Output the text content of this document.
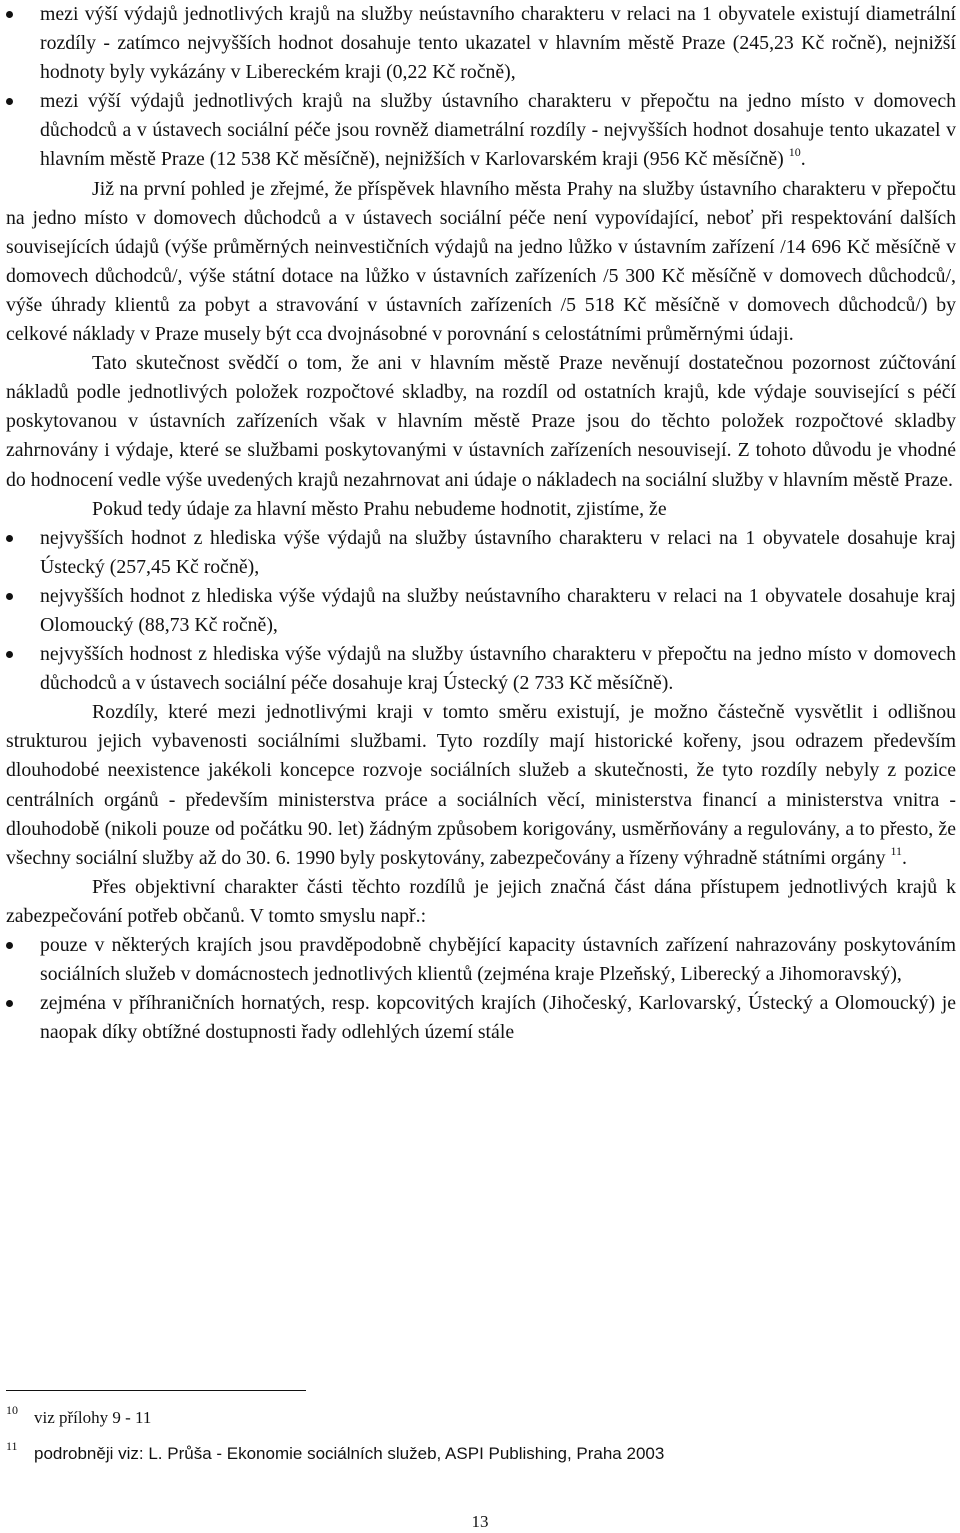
mezi výší výdajů jednotlivých krajů na služby neústavního charakteru v relaci na 1 obyvatele existují diametrální rozdíly - zatímco nejvyšších hodnot dosahuje tento ukazatel v hlavním městě Praze (245,23 Kč ročně), nejnižší hodnoty byly vykázány v Libereckém kraji (0,22 Kč ročně),
mezi výší výdajů jednotlivých krajů na služby ústavního charakteru v přepočtu na jedno místo v domovech důchodců a v ústavech sociální péče jsou rovněž diametrální rozdíly - nejvyšších hodnot dosahuje tento ukazatel v hlavním městě Praze (12 538 Kč měsíčně), nejnižších v Karlovarském kraji (956 Kč měsíčně) $^{10}$.

Již na první pohled je zřejmé, že příspěvek hlavního města Prahy na služby ústavního charakteru v přepočtu na jedno místo v domovech důchodců a v ústavech sociální péče není vypovídající, neboť při respektování dalších souvisejících údajů (výše průměrných neinvestičních výdajů na jedno lůžko v ústavním zařízení /14 696 Kč měsíčně v domovech důchodců/, výše státní dotace na lůžko v ústavních zařízeních /5 300 Kč měsíčně v domovech důchodců/, výše úhrady klientů za pobyt a stravování v ústavních zařízeních /5 518 Kč měsíčně v domovech důchodců/) by celkové náklady v Praze musely být cca dvojnásobné v porovnání s celostátními průměrnými údaji.

Tato skutečnost svědčí o tom, že ani v hlavním městě Praze nevěnují dostatečnou pozornost zúčtování nákladů podle jednotlivých položek rozpočtové skladby, na rozdíl od ostatních krajů, kde výdaje související s péčí poskytovanou v ústavních zařízeních však v hlavním městě Praze jsou do těchto položek rozpočtové skladby zahrnovány i výdaje, které se službami poskytovanými v ústavních zařízeních nesouvisejí. Z tohoto důvodu je vhodné do hodnocení vedle výše uvedených krajů nezahrnovat ani údaje o nákladech na sociální služby v hlavním městě Praze.

Pokud tedy údaje za hlavní město Prahu nebudeme hodnotit, zjistíme, že

nejvyšších hodnot z hlediska výše výdajů na služby ústavního charakteru v relaci na 1 obyvatele dosahuje kraj Ústecký (257,45 Kč ročně),
nejvyšších hodnot z hlediska výše výdajů na služby neústavního charakteru v relaci na 1 obyvatele dosahuje kraj Olomoucký (88,73 Kč ročně),
nejvyšších hodnost z hlediska výše výdajů na služby ústavního charakteru v přepočtu na jedno místo v domovech důchodců a v ústavech sociální péče dosahuje kraj Ústecký (2 733 Kč měsíčně).

Rozdíly, které mezi jednotlivými kraji v tomto směru existují, je možno částečně vysvětlit i odlišnou strukturou jejich vybavenosti sociálními službami. Tyto rozdíly mají historické kořeny, jsou odrazem především dlouhodobé neexistence jakékoli koncepce rozvoje sociálních služeb a skutečnosti, že tyto rozdíly nebyly z pozice centrálních orgánů - především ministerstva práce a sociálních věcí, ministerstva financí a ministerstva vnitra - dlouhodobě (nikoli pouze od počátku 90. let) žádným způsobem korigovány, usměrňovány a regulovány, a to přesto, že všechny sociální služby až do 30. 6. 1990 byly poskytovány, zabezpečovány a řízeny výhradně státními orgány $^{11}$.

Přes objektivní charakter části těchto rozdílů je jejich značná část dána přístupem jednotlivých krajů k zabezpečování potřeb občanů. V tomto smyslu např.:

pouze v některých krajích jsou pravděpodobně chybějící kapacity ústavních zařízení nahrazovány poskytováním sociálních služeb v domácnostech jednotlivých klientů (zejména kraje Plzeňský, Liberecký a Jihomoravský),
zejména v příhraničních hornatých, resp. kopcovitých krajích (Jihočeský, Karlovarský, Ústecký a Olomoucký) je naopak díky obtížné dostupnosti řady odlehlých území stále
10 viz přílohy 9 - 11
11 podrobněji viz: L. Průša - Ekonomie sociálních služeb, ASPI Publishing, Praha 2003
13
